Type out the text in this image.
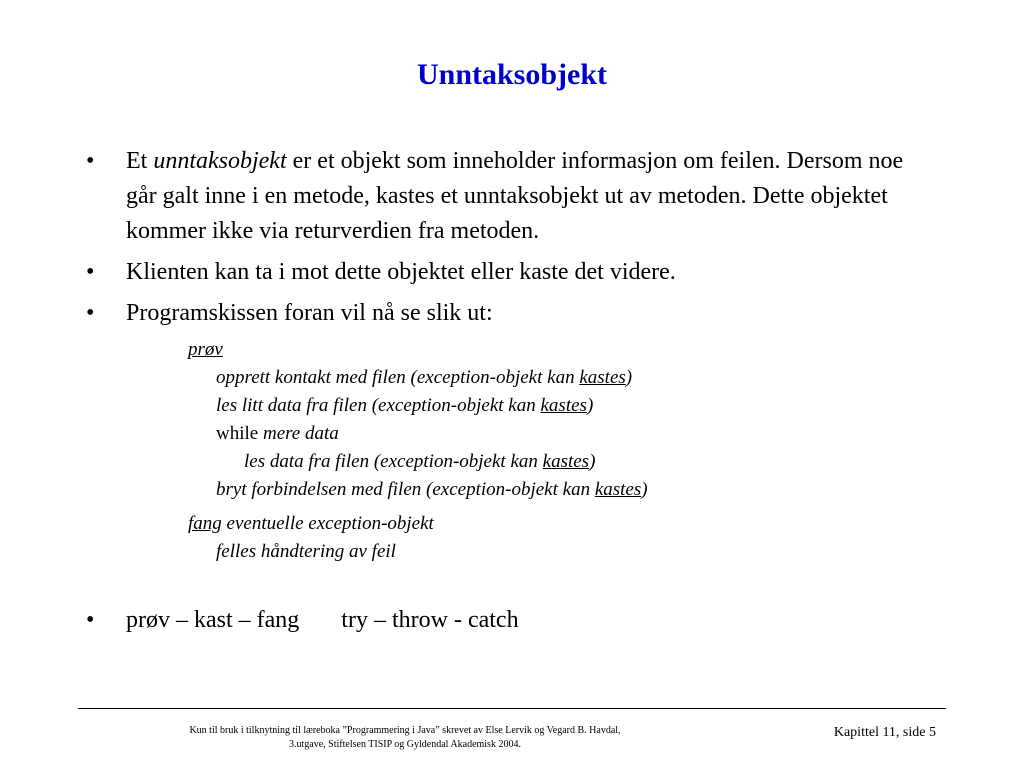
Unntaksobjekt
• Et unntaksobjekt er et objekt som inneholder informasjon om feilen. Dersom noe går galt inne i en metode, kastes et unntaksobjekt ut av metoden. Dette objektet kommer ikke via returverdien fra metoden.
• Klienten kan ta i mot dette objektet eller kaste det videre.
• Programskissen foran vil nå se slik ut:
prøv
opprett kontakt med filen (exception-objekt kan kastes)
les litt data fra filen (exception-objekt kan kastes)
while mere data
les data fra filen (exception-objekt kan kastes)
bryt forbindelsen med filen (exception-objekt kan kastes)
fang eventuelle exception-objekt
felles håndtering av feil
• prøv – kast – fang try – throw - catch
Kun til bruk i tilknytning til læreboka ”Programmering i Java” skrevet av Else Lervik og Vegard B. Havdal,
3.utgave, Stiftelsen TISIP og Gyldendal Akademisk 2004.
Kapittel 11, side 5
